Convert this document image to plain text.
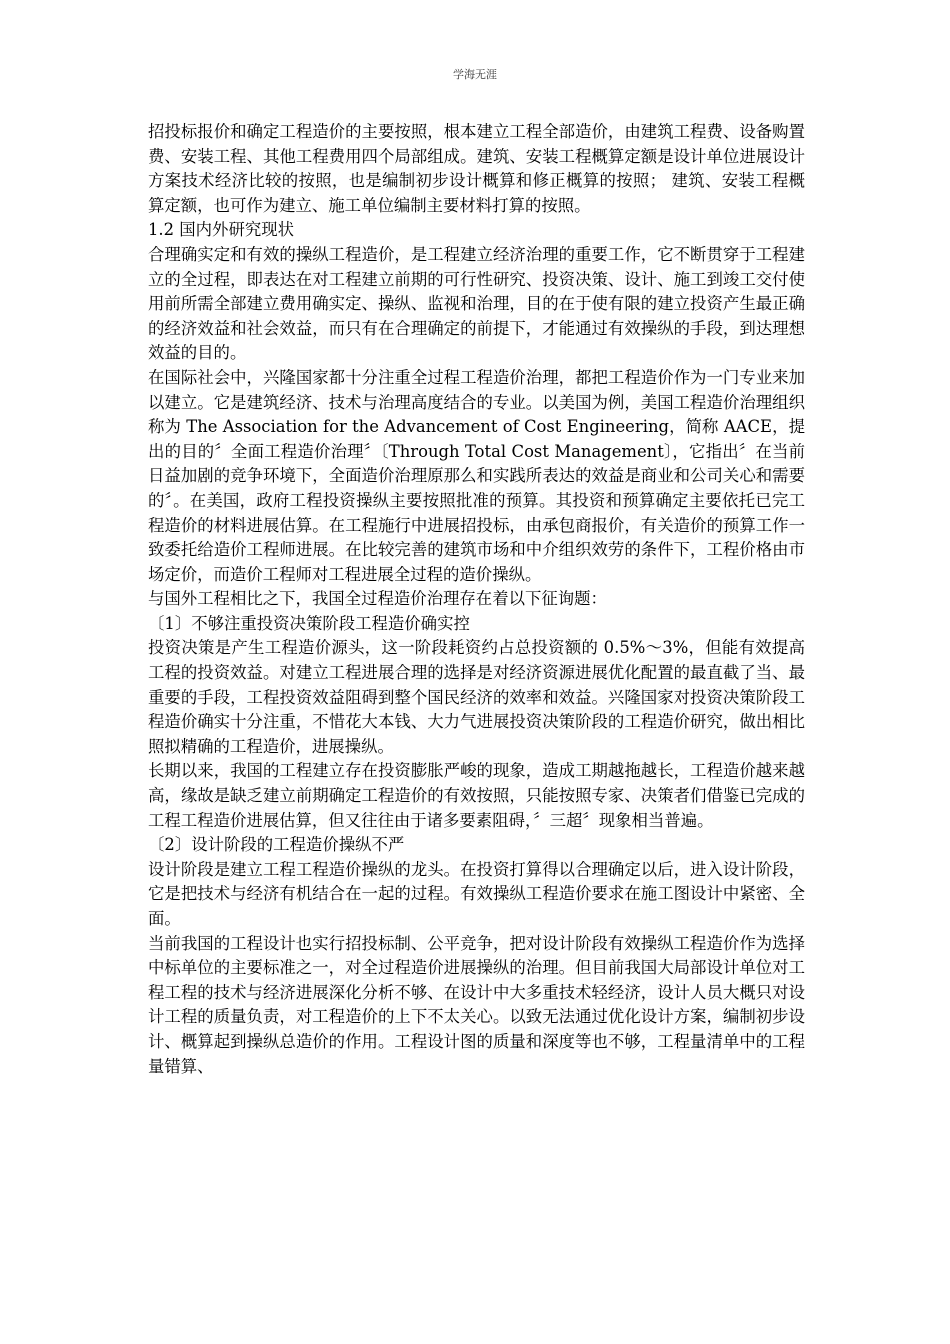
学海无涯

招投标报价和确定工程造价的主要按照，根本建立工程全部造价，由建筑工程费、设备购置费、安装工程、其他工程费用四个局部组成。建筑、安装工程概算定额是设计单位进展设计方案技术经济比较的按照，也是编制初步设计概算和修正概算的按照； 建筑、安装工程概算定额，也可作为建立、施工单位编制主要材料打算的按照。

1.2 国内外研究现状

合理确实定和有效的操纵工程造价，是工程建立经济治理的重要工作，它不断贯穿于工程建立的全过程，即表达在对工程建立前期的可行性研究、投资决策、设计、施工到竣工交付使用前所需全部建立费用确实定、操纵、监视和治理，目的在于使有限的建立投资产生最正确的经济效益和社会效益，而只有在合理确定的前提下，才能通过有效操纵的手段，到达理想效益的目的。

在国际社会中，兴隆国家都十分注重全过程工程造价治理，都把工程造价作为一门专业来加以建立。它是建筑经济、技术与治理高度结合的专业。以美国为例，美国工程造价治理组织称为 The Association for the Advancement of Cost Engineering，简称 AACE，提出的目的〞全面工程造价治理〞〔Through Total Cost Management〕，它指出〞在当前日益加剧的竞争环境下，全面造价治理原那么和实践所表达的效益是商业和公司关心和需要的〞。在美国，政府工程投资操纵主要按照批准的预算。其投资和预算确定主要依托已完工程造价的材料进展估算。在工程施行中进展招投标，由承包商报价，有关造价的预算工作一致委托给造价工程师进展。在比较完善的建筑市场和中介组织效劳的条件下，工程价格由市场定价，而造价工程师对工程进展全过程的造价操纵。

与国外工程相比之下，我国全过程造价治理存在着以下征询题：

〔1〕不够注重投资决策阶段工程造价确实控

投资决策是产生工程造价源头，这一阶段耗资约占总投资额的 0.5%～3%，但能有效提高工程的投资效益。对建立工程进展合理的选择是对经济资源进展优化配置的最直截了当、最重要的手段，工程投资效益阻碍到整个国民经济的效率和效益。兴隆国家对投资决策阶段工程造价确实十分注重，不惜花大本钱、大力气进展投资决策阶段的工程造价研究，做出相比照拟精确的工程造价，进展操纵。

长期以来，我国的工程建立存在投资膨胀严峻的现象，造成工期越拖越长，工程造价越来越高，缘故是缺乏建立前期确定工程造价的有效按照，只能按照专家、决策者们借鉴已完成的工程工程造价进展估算，但又往往由于诸多要素阻碍，〞三超〞现象相当普遍。

〔2〕设计阶段的工程造价操纵不严

设计阶段是建立工程工程造价操纵的龙头。在投资打算得以合理确定以后，进入设计阶段，它是把技术与经济有机结合在一起的过程。有效操纵工程造价要求在施工图设计中紧密、全面。

当前我国的工程设计也实行招投标制、公平竞争，把对设计阶段有效操纵工程造价作为选择中标单位的主要标准之一，对全过程造价进展操纵的治理。但目前我国大局部设计单位对工程工程的技术与经济进展深化分析不够、在设计中大多重技术轻经济，设计人员大概只对设计工程的质量负责，对工程造价的上下不太关心。以致无法通过优化设计方案，编制初步设计、概算起到操纵总造价的作用。工程设计图的质量和深度等也不够，工程量清单中的工程量错算、
